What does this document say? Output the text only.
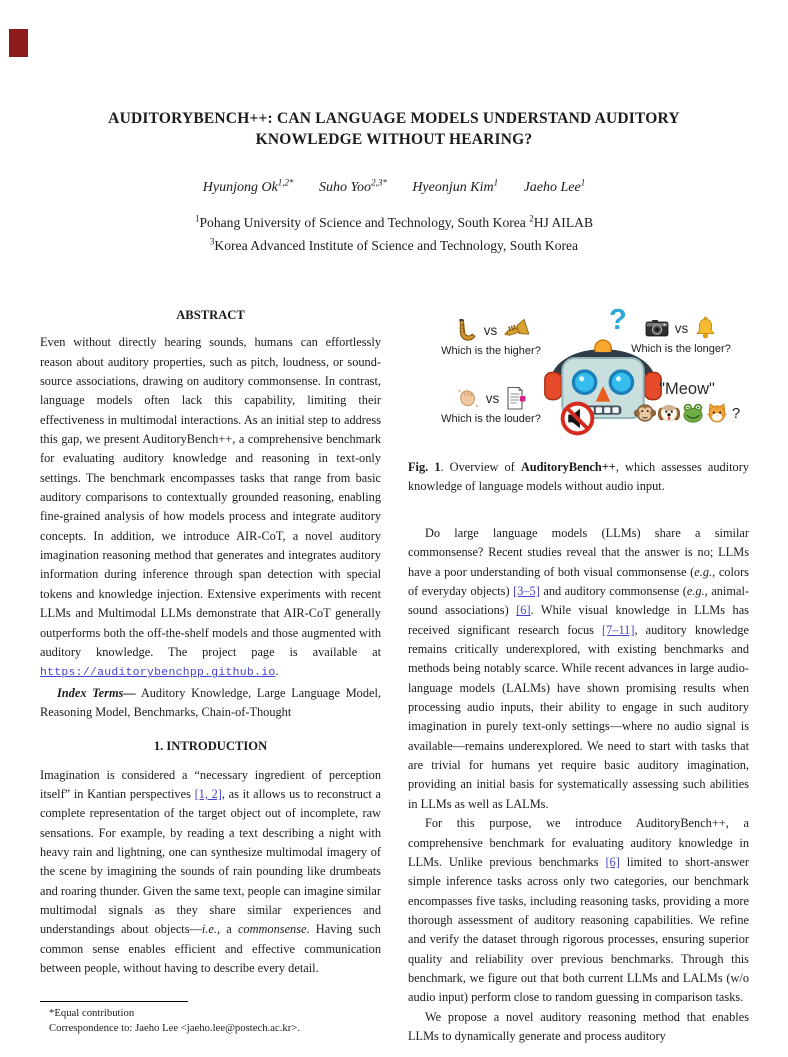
AUDITORYBENCH++: CAN LANGUAGE MODELS UNDERSTAND AUDITORY
KNOWLEDGE WITHOUT HEARING?
Hyunjong $Ok^{1,2*}$ Suho Yoo$^{2,3*}$ Hyeonjun Kim$^1$ Jaeho Lee$^1$
$^1$Pohang University of Science and Technology, South Korea $^2$HJ AILAB
$^3$Korea Advanced Institute of Science and Technology, South Korea
ABSTRACT

Even without directly hearing sounds, humans can effortlessly reason about auditory properties, such as pitch, loudness, or sound-source associations, drawing on auditory commonsense. In contrast, language models often lack this capability, limiting their effectiveness in multimodal interactions. As an initial step to address this gap, we present AuditoryBench++, a comprehensive benchmark for evaluating auditory knowledge and reasoning in text-only settings. The benchmark encompasses tasks that range from basic auditory comparisons to contextually grounded reasoning, enabling fine-grained analysis of how models process and integrate auditory concepts. In addition, we introduce AIR-CoT, a novel auditory imagination reasoning method that generates and integrates auditory information during inference through span detection with special tokens and knowledge injection. Extensive experiments with recent LLMs and Multimodal LLMs demonstrate that AIR-CoT generally outperforms both the off-the-shelf models and those augmented with auditory knowledge. The project page is available at https://auditorybenchpp.github.io.

Index Terms— Auditory Knowledge, Large Language Model, Reasoning Model, Benchmarks, Chain-of-Thought

1. INTRODUCTION

Imagination is considered a “necessary ingredient of perception itself” in Kantian perspectives [1, 2], as it allows us to reconstruct a complete representation of the target object out of incomplete, raw sensations. For example, by reading a text describing a night with heavy rain and lightning, one can synthesize multimodal imagery of the scene by imagining the sounds of rain pounding like drumbeats and roaring thunder. Given the same text, people can imagine similar multimodal signals as they share similar experiences and understandings about objects—i.e., a commonsense. Having such common sense enables efficient and effective communication between people, without having to describe every detail.

*Equal contribution
Correspondence to: Jaeho Lee <jaeho.lee@postech.ac.kr>.
vs
Which is the higher?
vs
Which is the longer?
?
vs
Which is the louder?
"Meow"
?

Fig. 1. Overview of AuditoryBench++, which assesses auditory knowledge of language models without audio input.

Do large language models (LLMs) share a similar commonsense? Recent studies reveal that the answer is no; LLMs have a poor understanding of both visual commonsense (e.g., colors of everyday objects) [3–5] and auditory commonsense (e.g., animal-sound associations) [6]. While visual knowledge in LLMs has received significant research focus [7–11], auditory knowledge remains critically underexplored, with existing benchmarks and methods being notably scarce. While recent advances in large audio-language models (LALMs) have shown promising results when processing audio inputs, their ability to engage in such auditory imagination in purely text-only settings—where no audio signal is available—remains underexplored. We need to start with tasks that are trivial for humans yet require basic auditory imagination, providing an initial basis for systematically assessing such abilities in LLMs as well as LALMs.

For this purpose, we introduce AuditoryBench++, a comprehensive benchmark for evaluating auditory knowledge in LLMs. Unlike previous benchmarks [6] limited to short-answer simple inference tasks across only two categories, our benchmark encompasses five tasks, including reasoning tasks, providing a more thorough assessment of auditory reasoning capabilities. We refine and verify the dataset through rigorous processes, ensuring superior quality and reliability over previous benchmarks. Through this benchmark, we figure out that both current LLMs and LALMs (w/o audio input) perform close to random guessing in comparison tasks.

We propose a novel auditory reasoning method that enables LLMs to dynamically generate and process auditory
